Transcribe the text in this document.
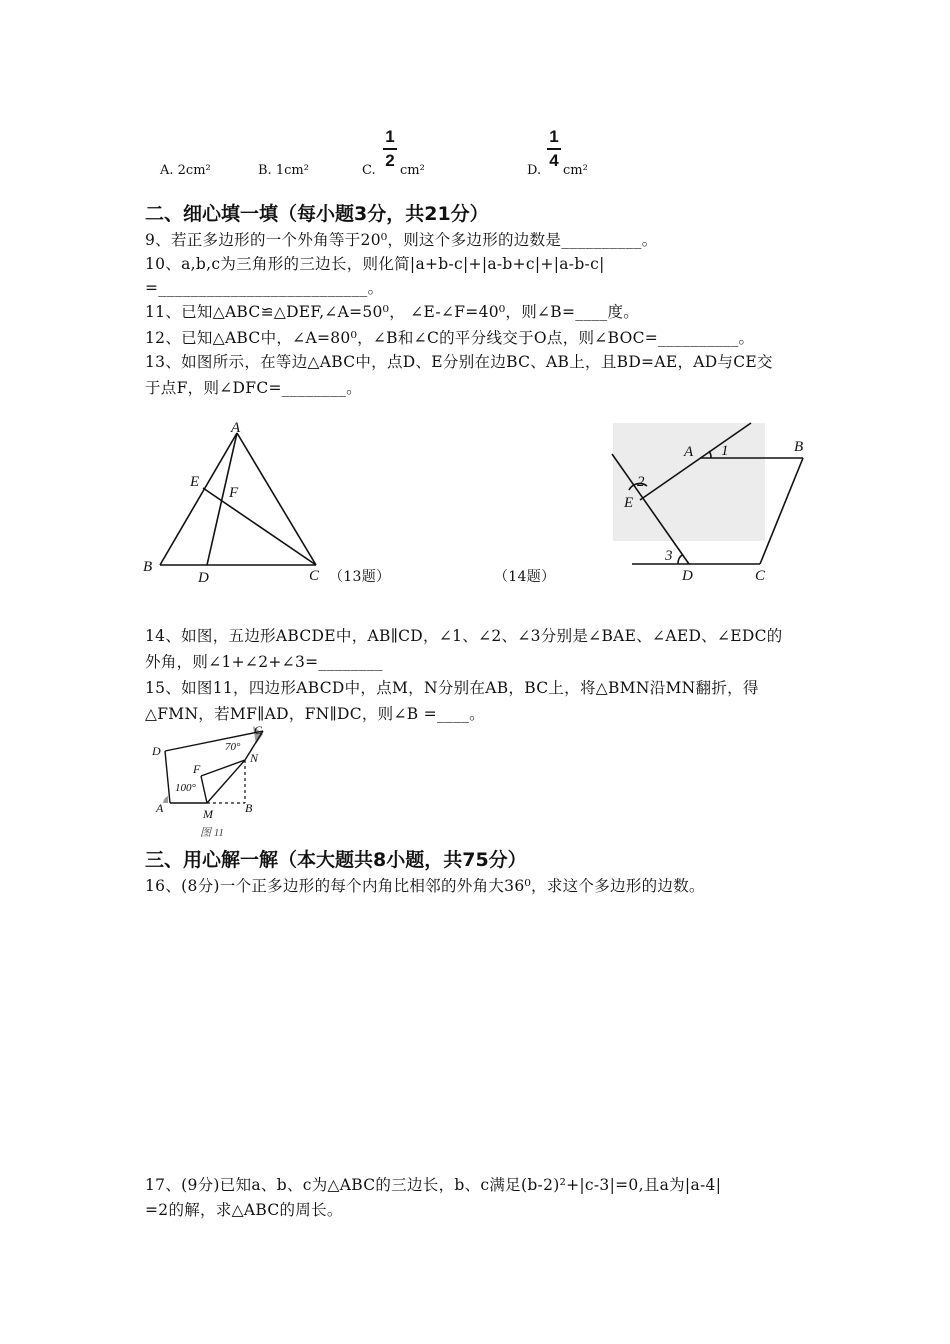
A. 2cm²	B. 1cm²	C.
1
2
cm²	D.
1
4
cm²
二、细心填一填（每小题3分，共21分）
9、若正多边形的一个外角等于20⁰，则这个多边形的边数是__________。
10、a,b,c为三角形的三边长，则化简|a+b-c|+|a-b+c|+|a-b-c|
=__________________________。
11、已知△ABC≌△DEF,∠A=50⁰， ∠E-∠F=40⁰，则∠B=____度。
12、已知△ABC中，∠A=80⁰，∠B和∠C的平分线交于O点，则∠BOC=__________。
13、如图所示，在等边△ABC中，点D、E分别在边BC、AB上，且BD=AE，AD与CE交
于点F，则∠DFC=________。
A
E
F
B
D	C （13题）	（14题）
A 1	B
2
E
3
D	C
14、如图，五边形ABCDE中，AB∥CD，∠1、∠2、∠3分别是∠BAE、∠AED、∠EDC的
外角，则∠1+∠2+∠3=________
15、如图11，四边形ABCD中，点M，N分别在AB，BC上，将△BMN沿MN翻折，得
△FMN，若MF∥AD，FN∥DC，则∠B =____。
D
C
70°
N
F
100°
A	M	B
图 11
三、用心解一解（本大题共8小题，共75分）
16、(8分)一个正多边形的每个内角比相邻的外角大36⁰，求这个多边形的边数。
17、(9分)已知a、b、c为△ABC的三边长，b、c满足(b-2)²+|c-3|=0,且a为|a-4|
=2的解，求△ABC的周长。
